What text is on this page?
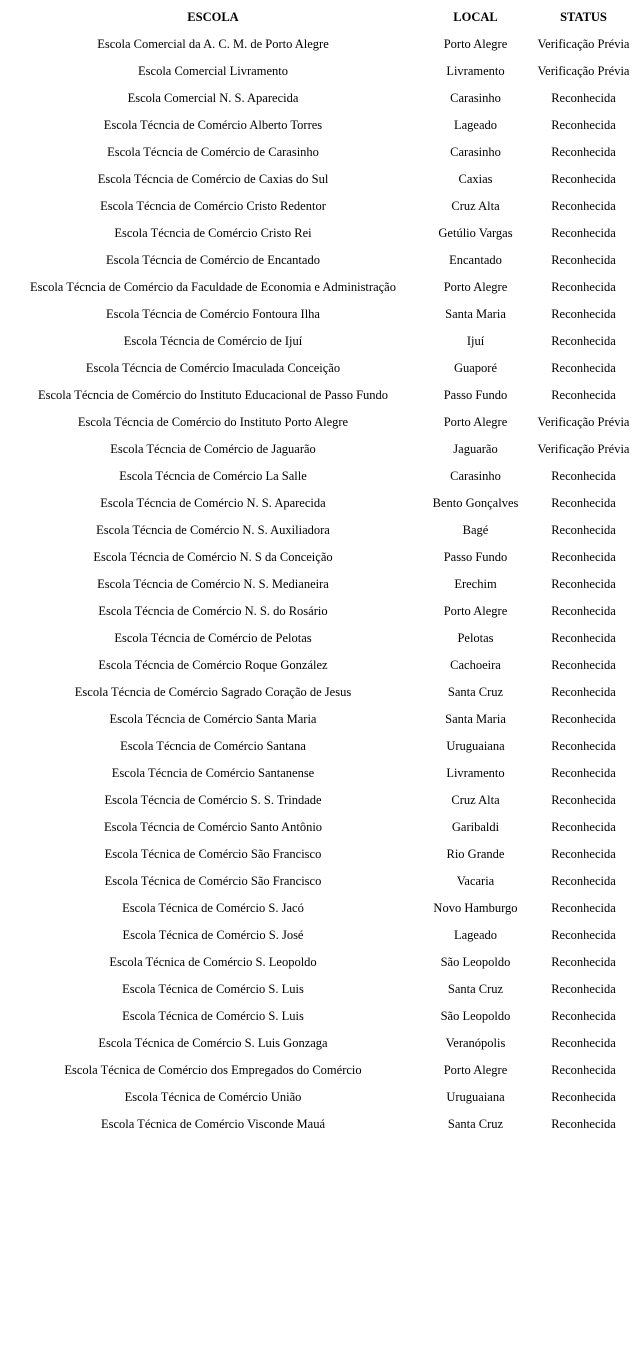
ESCOLA	LOCAL	STATUS
Escola Comercial da A. C. M. de Porto Alegre	Porto Alegre	Verificação Prévia
Escola Comercial Livramento	Livramento	Verificação Prévia
Escola Comercial N. S. Aparecida	Carasinho	Reconhecida
Escola Técncia de Comércio Alberto Torres	Lageado	Reconhecida
Escola Técncia de Comércio de Carasinho	Carasinho	Reconhecida
Escola Técncia de Comércio de Caxias do Sul	Caxias	Reconhecida
Escola Técncia de Comércio Cristo Redentor	Cruz Alta	Reconhecida
Escola Técncia de Comércio Cristo Rei	Getúlio Vargas	Reconhecida
Escola Técncia de Comércio de Encantado	Encantado	Reconhecida
Escola Técncia de Comércio da Faculdade de Economia e Administração	Porto Alegre	Reconhecida
Escola Técncia de Comércio Fontoura Ilha	Santa Maria	Reconhecida
Escola Técncia de Comércio de Ijuí	Ijuí	Reconhecida
Escola Técncia de Comércio Imaculada Conceição	Guaporé	Reconhecida
Escola Técncia de Comércio do Instituto Educacional de Passo Fundo	Passo Fundo	Reconhecida
Escola Técncia de Comércio do Instituto Porto Alegre	Porto Alegre	Verificação Prévia
Escola Técncia de Comércio de Jaguarão	Jaguarão	Verificação Prévia
Escola Técncia de Comércio La Salle	Carasinho	Reconhecida
Escola Técncia de Comércio N. S. Aparecida	Bento Gonçalves	Reconhecida
Escola Técncia de Comércio N. S. Auxiliadora	Bagé	Reconhecida
Escola Técncia de Comércio N. S da Conceição	Passo Fundo	Reconhecida
Escola Técncia de Comércio N. S. Medianeira	Erechim	Reconhecida
Escola Técncia de Comércio N. S. do Rosário	Porto Alegre	Reconhecida
Escola Técncia de Comércio de Pelotas	Pelotas	Reconhecida
Escola Técncia de Comércio Roque González	Cachoeira	Reconhecida
Escola Técncia de Comércio Sagrado Coração de Jesus	Santa Cruz	Reconhecida
Escola Técncia de Comércio Santa Maria	Santa Maria	Reconhecida
Escola Técncia de Comércio Santana	Uruguaiana	Reconhecida
Escola Técncia de Comércio Santanense	Livramento	Reconhecida
Escola Técncia de Comércio S. S. Trindade	Cruz Alta	Reconhecida
Escola Técncia de Comércio Santo Antônio	Garibaldi	Reconhecida
Escola Técnica de Comércio São Francisco	Rio Grande	Reconhecida
Escola Técnica de Comércio São Francisco	Vacaria	Reconhecida
Escola Técnica de Comércio S. Jacó	Novo Hamburgo	Reconhecida
Escola Técnica de Comércio S. José	Lageado	Reconhecida
Escola Técnica de Comércio S. Leopoldo	São Leopoldo	Reconhecida
Escola Técnica de Comércio S. Luis	Santa Cruz	Reconhecida
Escola Técnica de Comércio S. Luis	São Leopoldo	Reconhecida
Escola Técnica de Comércio S. Luis Gonzaga	Veranópolis	Reconhecida
Escola Técnica de Comércio dos Empregados do Comércio	Porto Alegre	Reconhecida
Escola Técnica de Comércio União	Uruguaiana	Reconhecida
Escola Técnica de Comércio Visconde Mauá	Santa Cruz	Reconhecida
